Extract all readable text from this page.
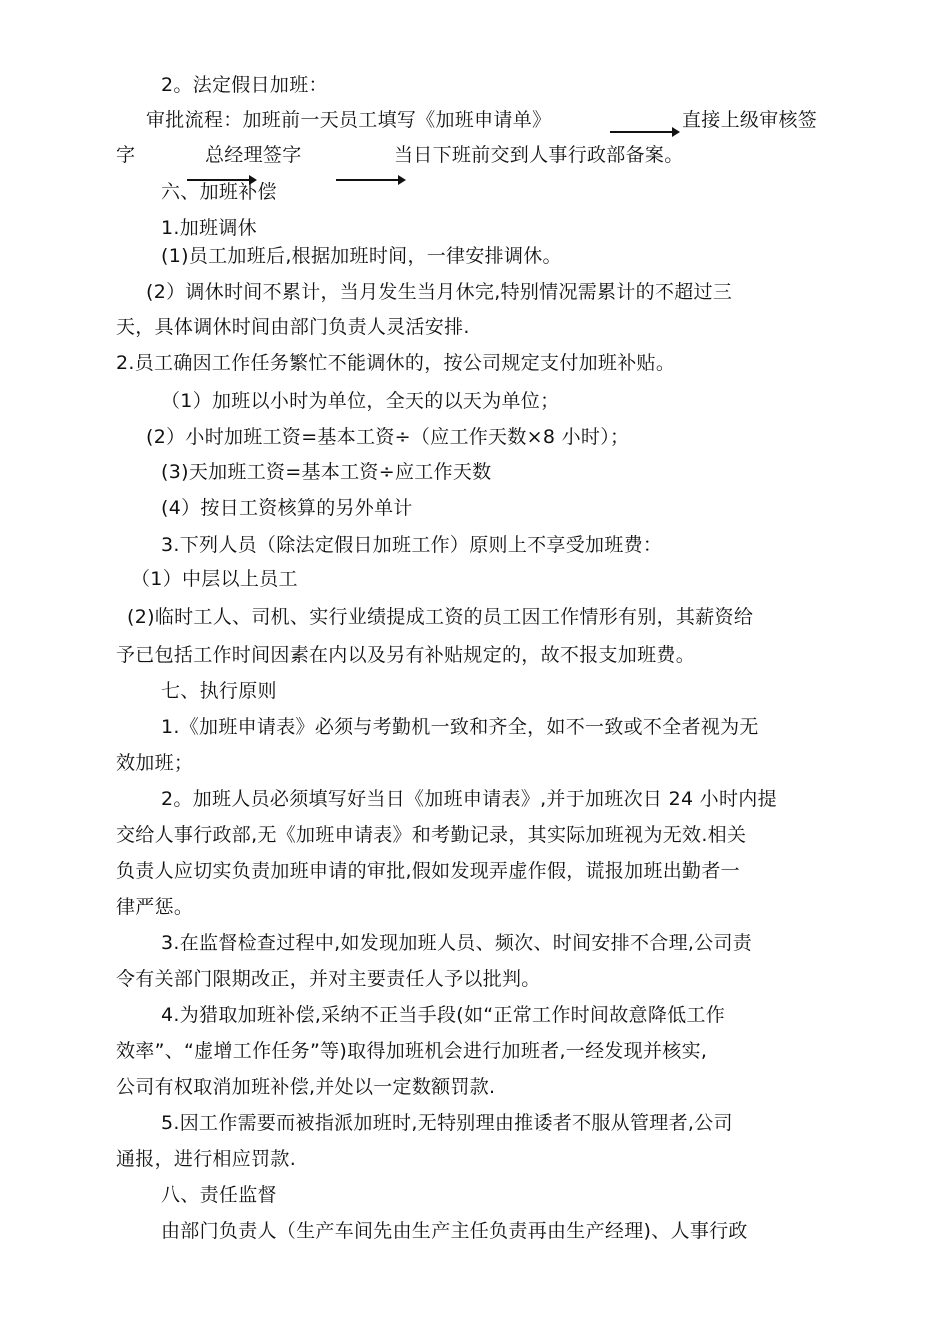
2。法定假日加班：
审批流程：加班前一天员工填写《加班申请单》	直接上级审核签
字	总经理签字	当日下班前交到人事行政部备案。
六、加班补偿
1.加班调休
(1)员工加班后,根据加班时间，一律安排调休。
(2）调休时间不累计，当月发生当月休完,特别情况需累计的不超过三
天，具体调休时间由部门负责人灵活安排.
2.员工确因工作任务繁忙不能调休的，按公司规定支付加班补贴。
（1）加班以小时为单位，全天的以天为单位；
(2）小时加班工资=基本工资÷（应工作天数×8 小时）；
(3)天加班工资=基本工资÷应工作天数
(4）按日工资核算的另外单计
3.下列人员（除法定假日加班工作）原则上不享受加班费：
（1）中层以上员工
(2)临时工人、司机、实行业绩提成工资的员工因工作情形有别，其薪资给
予已包括工作时间因素在内以及另有补贴规定的，故不报支加班费。
七、执行原则
1.《加班申请表》必须与考勤机一致和齐全，如不一致或不全者视为无
效加班；
2。加班人员必须填写好当日《加班申请表》,并于加班次日 24 小时内提
交给人事行政部,无《加班申请表》和考勤记录，其实际加班视为无效.相关
负责人应切实负责加班申请的审批,假如发现弄虚作假，谎报加班出勤者一
律严惩。
3.在监督检查过程中,如发现加班人员、频次、时间安排不合理,公司责
令有关部门限期改正，并对主要责任人予以批判。
4.为猎取加班补偿,采纳不正当手段(如“正常工作时间故意降低工作
效率”、“虚增工作任务”等)取得加班机会进行加班者,一经发现并核实,
公司有权取消加班补偿,并处以一定数额罚款.
5.因工作需要而被指派加班时,无特别理由推诿者不服从管理者,公司
通报，进行相应罚款.
八、责任监督
由部门负责人（生产车间先由生产主任负责再由生产经理)、人事行政
